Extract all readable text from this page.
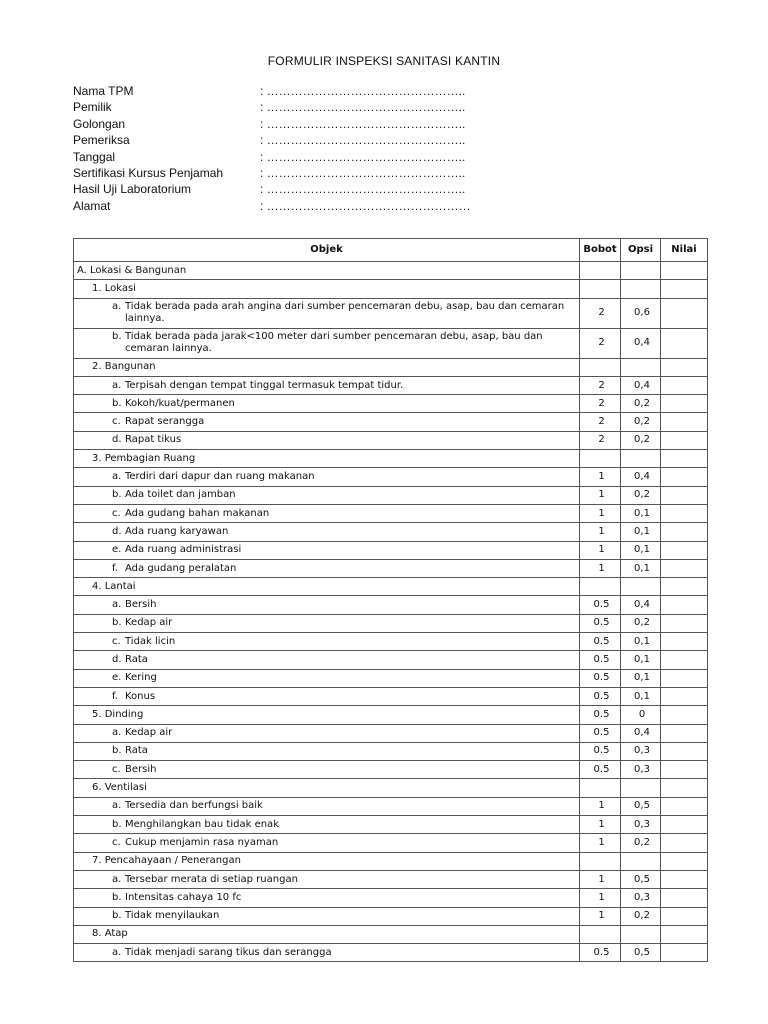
FORMULIR INSPEKSI SANITASI KANTIN
Nama TPM	: …………………………………………..
Pemilik	: …………………………………………..
Golongan	: …………………………………………..
Pemeriksa	: …………………………………………..
Tanggal	: …………………………………………..
Sertifikasi Kursus Penjamah	: …………………………………………..
Hasil Uji Laboratorium	: …………………………………………..
Alamat	: ……………………………………………
Objek	Bobot	Opsi	Nilai
A. Lokasi & Bangunan			

1. Lokasi			

a. Tidak berada pada arah angina dari sumber pencemaran debu, asap, bau dan cemaran lainnya.	2	0,6	

b. Tidak berada pada jarak<100 meter dari sumber pencemaran debu, asap, bau dan cemaran lainnya.	2	0,4	

2. Bangunan			

a. Terpisah dengan tempat tinggal termasuk tempat tidur.	2	0,4	

b. Kokoh/kuat/permanen	2	0,2	

c. Rapat serangga	2	0,2	

d. Rapat tikus	2	0,2	

3. Pembagian Ruang			

a. Terdiri dari dapur dan ruang makanan	1	0,4	

b. Ada toilet dan jamban	1	0,2	

c. Ada gudang bahan makanan	1	0,1	

d. Ada ruang karyawan	1	0,1	

e. Ada ruang administrasi	1	0,1	

f. Ada gudang peralatan	1	0,1	

4. Lantai			

a. Bersih	0.5	0,4	

b. Kedap air	0.5	0,2	

c. Tidak licin	0.5	0,1	

d. Rata	0.5	0,1	

e. Kering	0.5	0,1	

f. Konus	0.5	0,1	

5. Dinding	0.5	0	

a. Kedap air	0.5	0,4	

b. Rata	0.5	0,3	

c. Bersih	0.5	0,3	

6. Ventilasi			

a. Tersedia dan berfungsi baik	1	0,5	

b. Menghilangkan bau tidak enak	1	0,3	

c. Cukup menjamin rasa nyaman	1	0,2	

7. Pencahayaan / Penerangan			

a. Tersebar merata di setiap ruangan	1	0,5	

b. Intensitas cahaya 10 fc	1	0,3	

b. Tidak menyilaukan	1	0,2	

8. Atap			

a. Tidak menjadi sarang tikus dan serangga	0.5	0,5	
